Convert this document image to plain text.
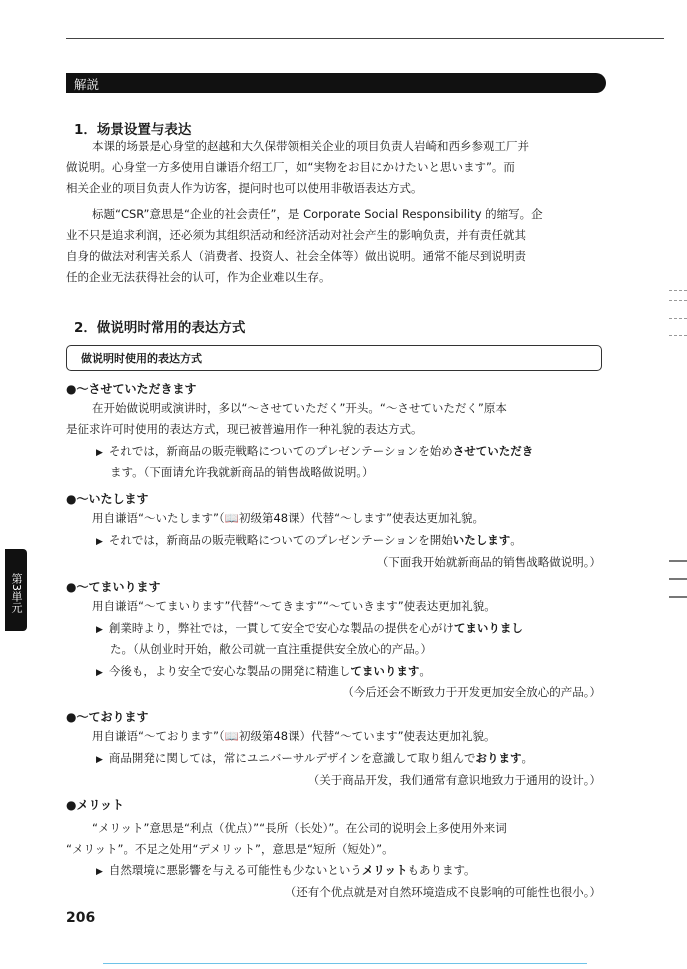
解説
1．场景设置与表达
本课的场景是心身堂的赵越和大久保带领相关企业的项目负责人岩崎和西乡参观工厂并
做说明。心身堂一方多使用自谦语介绍工厂，如“実物をお目にかけたいと思います”。而
相关企业的项目负责人作为访客，提问时也可以使用非敬语表达方式。
标题“CSR”意思是“企业的社会责任”，是 Corporate Social Responsibility 的缩写。企
业不只是追求利润，还必须为其组织活动和经济活动对社会产生的影响负责，并有责任就其
自身的做法对利害关系人（消费者、投资人、社会全体等）做出说明。通常不能尽到说明责
任的企业无法获得社会的认可，作为企业难以生存。
2．做说明时常用的表达方式
做说明时使用的表达方式
●～させていただきます
在开始做说明或演讲时，多以“～させていただく”开头。“～させていただく”原本
是征求许可时使用的表达方式，现已被普遍用作一种礼貌的表达方式。
▶ それでは，新商品の販売戦略についてのプレゼンテーションを始めさせていただき
ます。（下面请允许我就新商品的销售战略做说明。）
●～いたします
用自谦语“～いたします”（📖初级第48课）代替“～します”使表达更加礼貌。
▶ それでは，新商品の販売戦略についてのプレゼンテーションを開始いたします。
（下面我开始就新商品的销售战略做说明。）
●～てまいります
用自谦语“～てまいります”代替“～てきます”“～ていきます”使表达更加礼貌。
▶ 創業時より，弊社では，一貫して安全で安心な製品の提供を心がけてまいりまし
た。（从创业时开始，敝公司就一直注重提供安全放心的产品。）
▶ 今後も，より安全で安心な製品の開発に精進してまいります。
（今后还会不断致力于开发更加安全放心的产品。）
●～ております
用自谦语“～ております”（📖初级第48课）代替“～ています”使表达更加礼貌。
▶ 商品開発に関しては，常にユニバーサルデザインを意識して取り組んでおります。
（关于商品开发，我们通常有意识地致力于通用的设计。）
●メリット
“メリット”意思是“利点（优点）”“長所（长处）”。在公司的说明会上多使用外来词
“メリット”。不足之处用“デメリット”，意思是“短所（短处）”。
▶ 自然環境に悪影響を与える可能性も少ないというメリットもあります。
（还有个优点就是对自然环境造成不良影响的可能性也很小。）
第3単元
206
